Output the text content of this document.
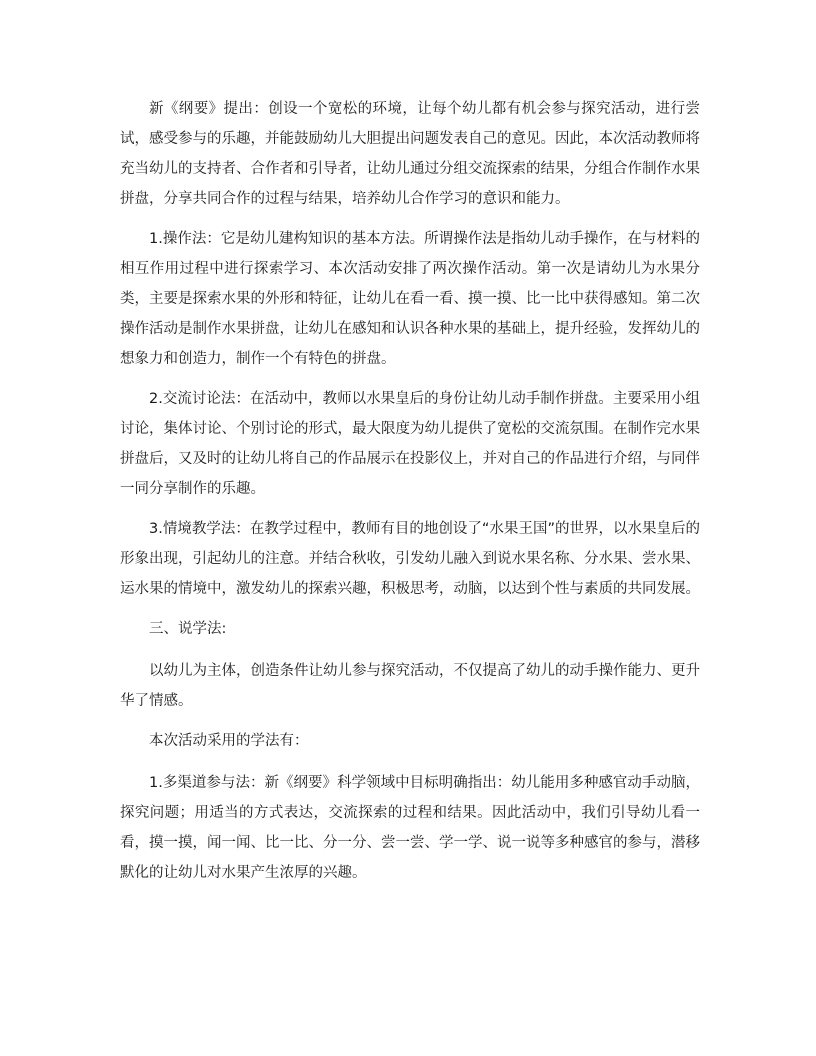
新《纲要》提出：创设一个宽松的环境，让每个幼儿都有机会参与探究活动，进行尝试，感受参与的乐趣，并能鼓励幼儿大胆提出问题发表自己的意见。因此，本次活动教师将充当幼儿的支持者、合作者和引导者，让幼儿通过分组交流探索的结果，分组合作制作水果拼盘，分享共同合作的过程与结果，培养幼儿合作学习的意识和能力。

1.操作法：它是幼儿建构知识的基本方法。所谓操作法是指幼儿动手操作，在与材料的相互作用过程中进行探索学习、本次活动安排了两次操作活动。第一次是请幼儿为水果分类，主要是探索水果的外形和特征，让幼儿在看一看、摸一摸、比一比中获得感知。第二次操作活动是制作水果拼盘，让幼儿在感知和认识各种水果的基础上，提升经验，发挥幼儿的想象力和创造力，制作一个有特色的拼盘。

2.交流讨论法：在活动中，教师以水果皇后的身份让幼儿动手制作拼盘。主要采用小组讨论，集体讨论、个别讨论的形式，最大限度为幼儿提供了宽松的交流氛围。在制作完水果拼盘后，又及时的让幼儿将自己的作品展示在投影仪上，并对自己的作品进行介绍，与同伴一同分享制作的乐趣。

3.情境教学法：在教学过程中，教师有目的地创设了“水果王国”的世界，以水果皇后的形象出现，引起幼儿的注意。并结合秋收，引发幼儿融入到说水果名称、分水果、尝水果、运水果的情境中，激发幼儿的探索兴趣，积极思考，动脑，以达到个性与素质的共同发展。

三、说学法:

以幼儿为主体，创造条件让幼儿参与探究活动，不仅提高了幼儿的动手操作能力、更升华了情感。

本次活动采用的学法有：

1.多渠道参与法：新《纲要》科学领域中目标明确指出：幼儿能用多种感官动手动脑，探究问题；用适当的方式表达，交流探索的过程和结果。因此活动中，我们引导幼儿看一看，摸一摸，闻一闻、比一比、分一分、尝一尝、学一学、说一说等多种感官的参与，潜移默化的让幼儿对水果产生浓厚的兴趣。
